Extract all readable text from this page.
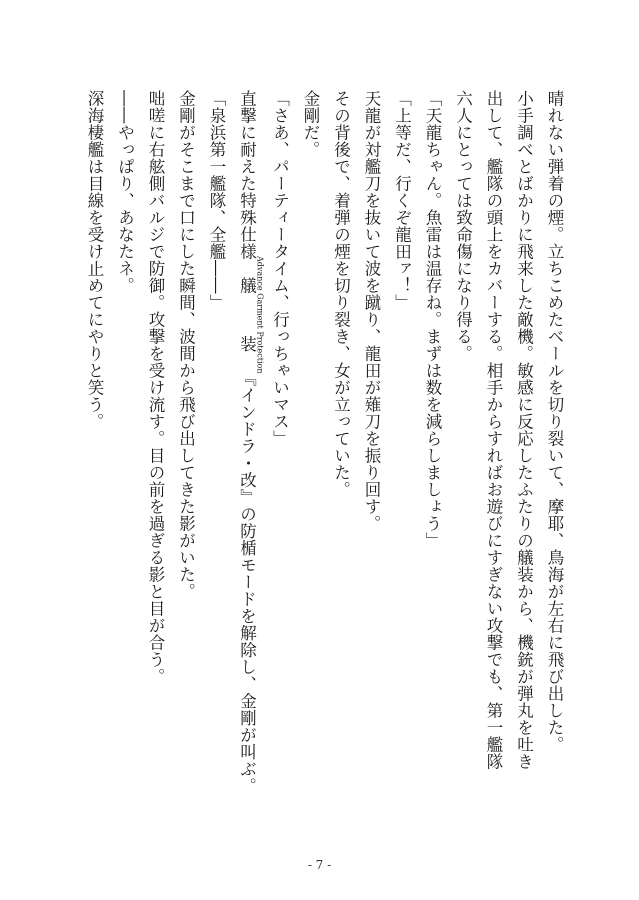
晴れない弾着の煙。立ちこめたベールを切り裂いて、摩耶、鳥海が左右に飛び出した。
小手調べとばかりに飛来した敵機。敏感に反応したふたりの艤装から、機銃が弾丸を吐き
出して、艦隊の頭上をカバーする。相手からすればお遊びにすぎない攻撃でも、第一艦隊
六人にとっては致命傷になり得る。
「天龍ちゃん。魚雷は温存ね。まずは数を減らしましょう」
「上等だ、行くぞ龍田ァ！」
天龍が対艦刀を抜いて波を蹴り、龍田が薙刀を振り回す。
その背後で、着弾の煙を切り裂き、女が立っていた。
金剛だ。
「さあ、パーティータイム、行っちゃいマス」
直撃に耐えた特殊仕様艤装 Advance Garment Protection『インドラ・改』の防楯モードを解除し、金剛が叫ぶ。
「泉浜第一艦隊、全艦――」
金剛がそこまで口にした瞬間、波間から飛び出してきた影がいた。
咄嗟に右舷側バルジで防御。攻撃を受け流す。目の前を過ぎる影と目が合う。
――やっぱり、あなたネ。
深海棲艦は目線を受け止めてにやりと笑う。
- 7 -
